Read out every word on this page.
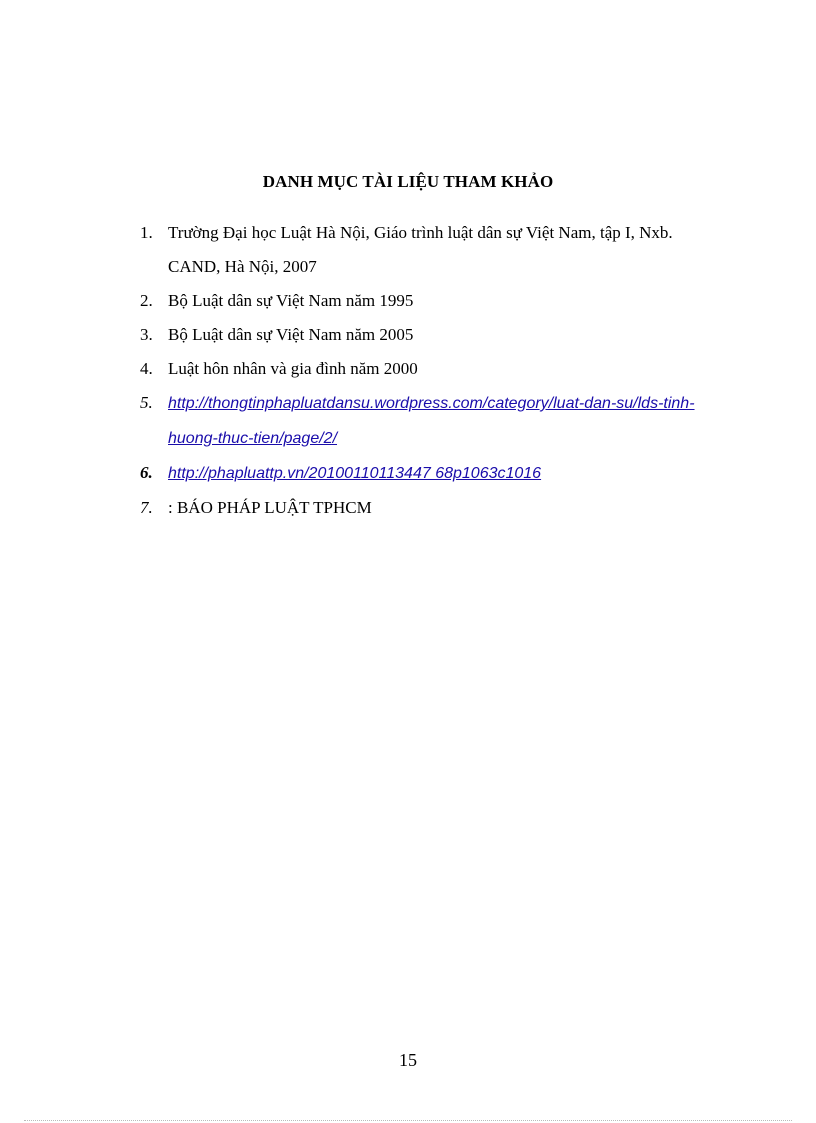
DANH MỤC TÀI LIỆU THAM KHẢO
1. Trường Đại học Luật Hà Nội, Giáo trình luật dân sự Việt Nam, tập I, Nxb. CAND, Hà Nội, 2007
2. Bộ Luật dân sự Việt Nam năm 1995
3. Bộ Luật dân sự Việt Nam năm 2005
4. Luật hôn nhân và gia đình năm 2000
5. http://thongtinphapluatdansu.wordpress.com/category/luat-dan-su/lds-tinh-huong-thuc-tien/page/2/
6. http://phapluattp.vn/20100110113447 68p1063c1016
7. : BÁO PHÁP LUẬT TPHCM
15
